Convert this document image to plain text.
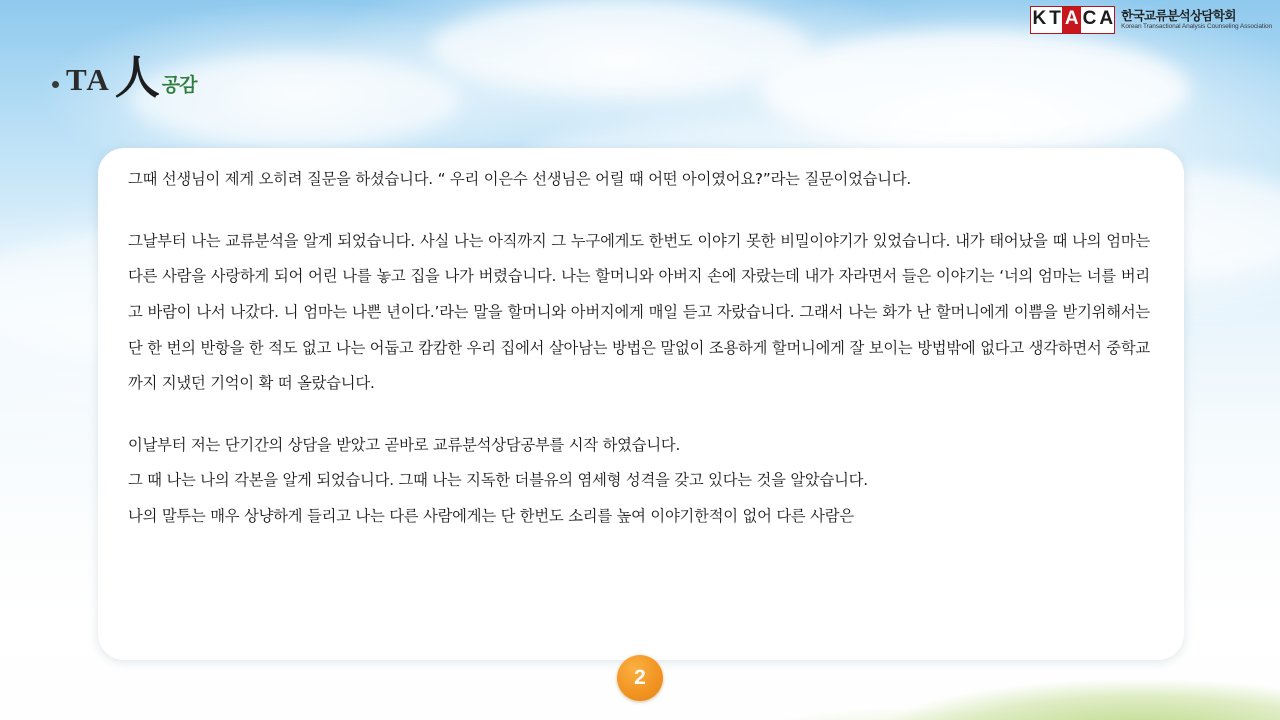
TA 人 공감
K T A C A 한국교류분석상담학회
Korean Transactional Analysis Counseling Association

그때 선생님이 제게 오히려 질문을 하셨습니다. “ 우리 이은수 선생님은 어릴 때 어떤 아이였어요?”라는 질문이었습니다.

그날부터 나는 교류분석을 알게 되었습니다. 사실 나는 아직까지 그 누구에게도 한번도 이야기 못한 비밀이야기가 있었습니다. 내가 태어났을 때 나의 엄마는 다른 사람을 사랑하게 되어 어린 나를 놓고 집을 나가 버렸습니다. 나는 할머니와 아버지 손에 자랐는데 내가 자라면서 들은 이야기는 ‘너의 엄마는 너를 버리고 바람이 나서 나갔다. 니 엄마는 나쁜 년이다.’라는 말을 할머니와 아버지에게 매일 듣고 자랐습니다. 그래서 나는 화가 난 할머니에게 이쁨을 받기위해서는 단 한 번의 반항을 한 적도 없고 나는 어둡고 캄캄한 우리 집에서 살아남는 방법은 말없이 조용하게 할머니에게 잘 보이는 방법밖에 없다고 생각하면서 중학교 까지 지냈던 기억이 확 떠 올랐습니다.

이날부터 저는 단기간의 상담을 받았고 곧바로 교류분석상담공부를 시작 하였습니다.

그 때 나는 나의 각본을 알게 되었습니다. 그때 나는 지독한 더블유의 염세형 성격을 갖고 있다는 것을 알았습니다.

나의 말투는 매우 상냥하게 들리고 나는 다른 사람에게는 단 한번도 소리를 높여 이야기한적이 없어 다른 사람은

2
